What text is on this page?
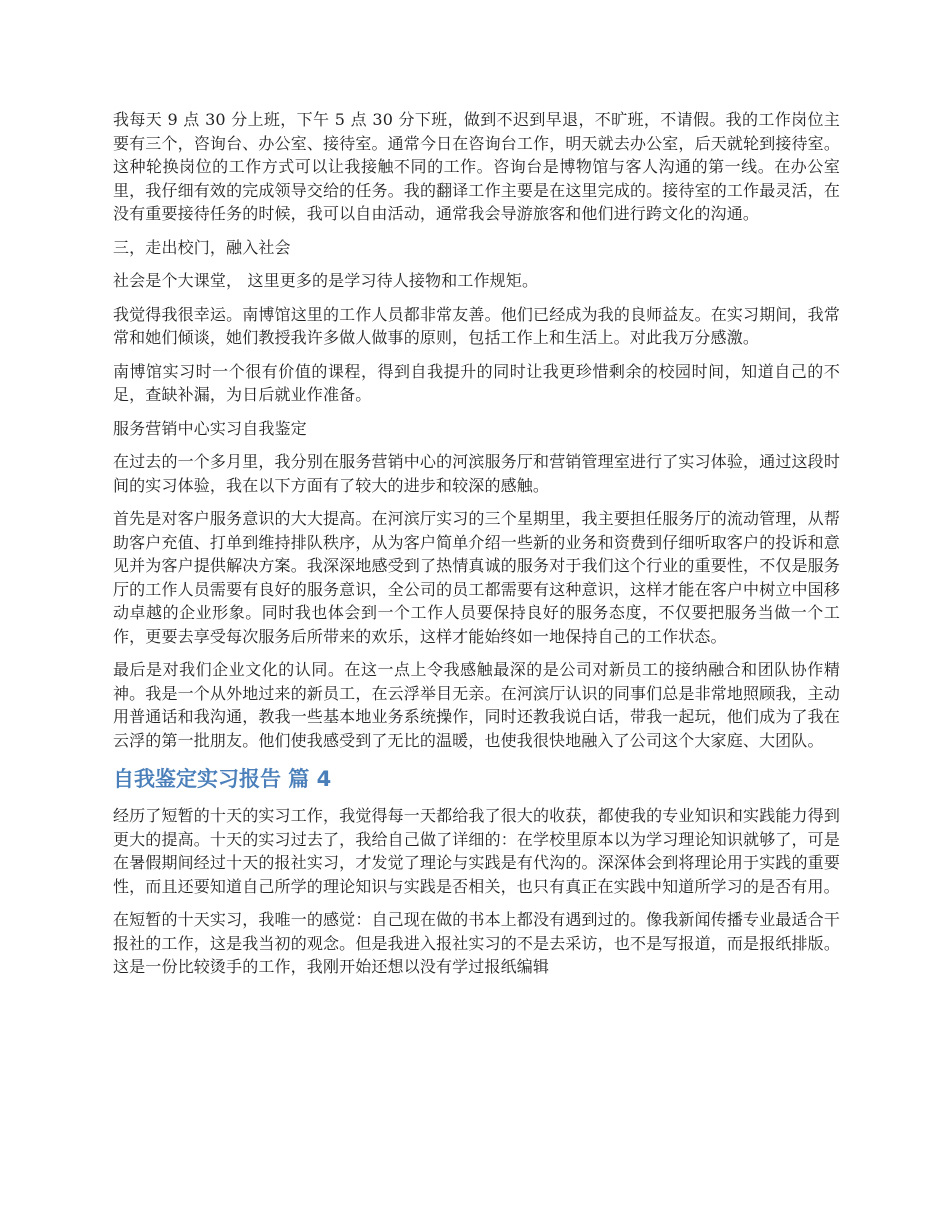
我每天 9 点 30 分上班，下午 5 点 30 分下班，做到不迟到早退，不旷班，不请假。我的工作岗位主要有三个，咨询台、办公室、接待室。通常今日在咨询台工作，明天就去办公室，后天就轮到接待室。这种轮换岗位的工作方式可以让我接触不同的工作。咨询台是博物馆与客人沟通的第一线。在办公室里，我仔细有效的完成领导交给的任务。我的翻译工作主要是在这里完成的。接待室的工作最灵活，在没有重要接待任务的时候，我可以自由活动，通常我会导游旅客和他们进行跨文化的沟通。

三，走出校门，融入社会

社会是个大课堂， 这里更多的是学习待人接物和工作规矩。

我觉得我很幸运。南博馆这里的工作人员都非常友善。他们已经成为我的良师益友。在实习期间，我常常和她们倾谈，她们教授我许多做人做事的原则，包括工作上和生活上。对此我万分感激。

南博馆实习时一个很有价值的课程，得到自我提升的同时让我更珍惜剩余的校园时间，知道自己的不足，查缺补漏，为日后就业作准备。

服务营销中心实习自我鉴定

在过去的一个多月里，我分别在服务营销中心的河滨服务厅和营销管理室进行了实习体验，通过这段时间的实习体验，我在以下方面有了较大的进步和较深的感触。

首先是对客户服务意识的大大提高。在河滨厅实习的三个星期里，我主要担任服务厅的流动管理，从帮助客户充值、打单到维持排队秩序，从为客户简单介绍一些新的业务和资费到仔细听取客户的投诉和意见并为客户提供解决方案。我深深地感受到了热情真诚的服务对于我们这个行业的重要性，不仅是服务厅的工作人员需要有良好的服务意识，全公司的员工都需要有这种意识，这样才能在客户中树立中国移动卓越的企业形象。同时我也体会到一个工作人员要保持良好的服务态度，不仅要把服务当做一个工作，更要去享受每次服务后所带来的欢乐，这样才能始终如一地保持自己的工作状态。

最后是对我们企业文化的认同。在这一点上令我感触最深的是公司对新员工的接纳融合和团队协作精神。我是一个从外地过来的新员工，在云浮举目无亲。在河滨厅认识的同事们总是非常地照顾我，主动用普通话和我沟通，教我一些基本地业务系统操作，同时还教我说白话，带我一起玩，他们成为了我在云浮的第一批朋友。他们使我感受到了无比的温暖，也使我很快地融入了公司这个大家庭、大团队。

自我鉴定实习报告 篇 4

经历了短暂的十天的实习工作，我觉得每一天都给我了很大的收获，都使我的专业知识和实践能力得到更大的提高。十天的实习过去了，我给自己做了详细的：在学校里原本以为学习理论知识就够了，可是在暑假期间经过十天的报社实习，才发觉了理论与实践是有代沟的。深深体会到将理论用于实践的重要性，而且还要知道自己所学的理论知识与实践是否相关，也只有真正在实践中知道所学习的是否有用。

在短暂的十天实习，我唯一的感觉：自己现在做的书本上都没有遇到过的。像我新闻传播专业最适合干报社的工作，这是我当初的观念。但是我进入报社实习的不是去采访，也不是写报道，而是报纸排版。这是一份比较烫手的工作，我刚开始还想以没有学过报纸编辑
